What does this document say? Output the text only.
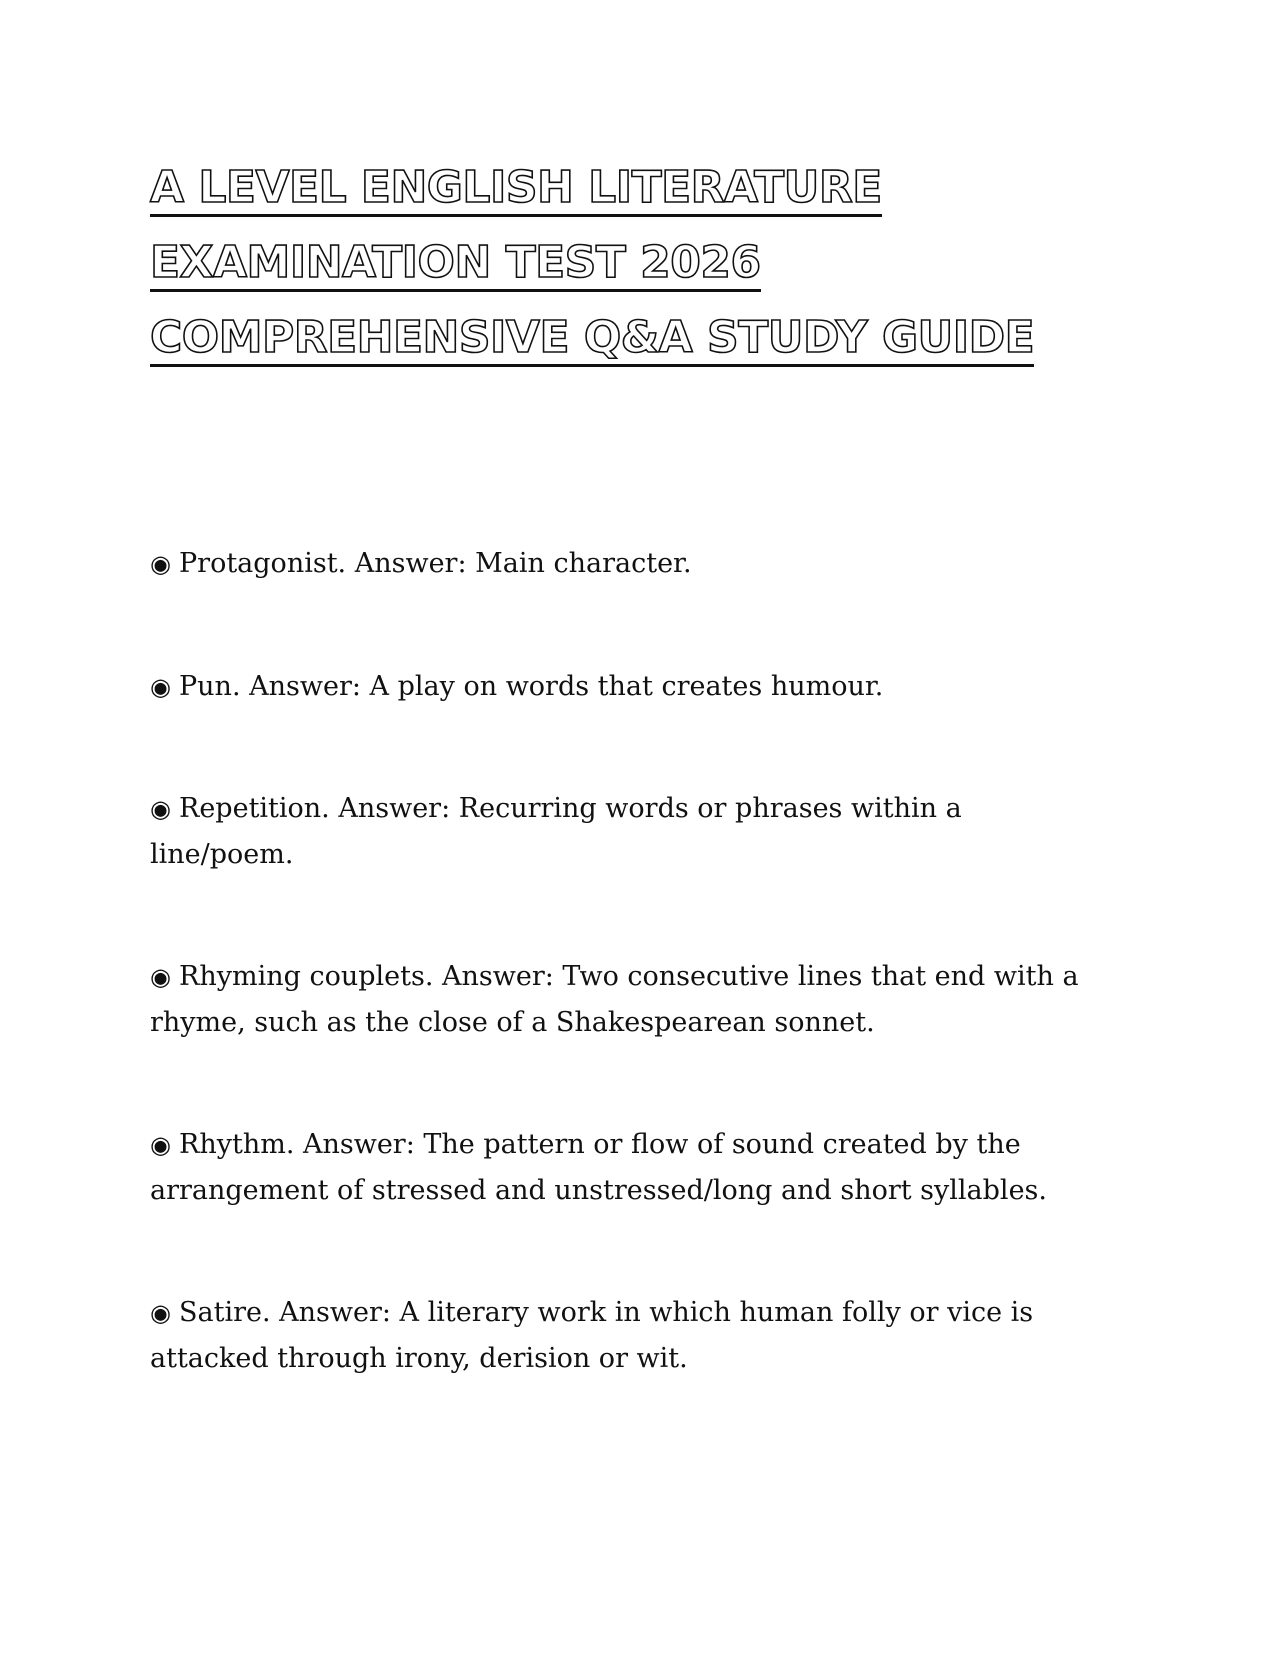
A LEVEL ENGLISH LITERATURE
EXAMINATION TEST 2026
COMPREHENSIVE Q&A STUDY GUIDE

◉ Protagonist. Answer: Main character.

◉ Pun. Answer: A play on words that creates humour.

◉ Repetition. Answer: Recurring words or phrases within a line/poem.

◉ Rhyming couplets. Answer: Two consecutive lines that end with a rhyme, such as the close of a Shakespearean sonnet.

◉ Rhythm. Answer: The pattern or flow of sound created by the arrangement of stressed and unstressed/long and short syllables.

◉ Satire. Answer: A literary work in which human folly or vice is attacked through irony, derision or wit.
